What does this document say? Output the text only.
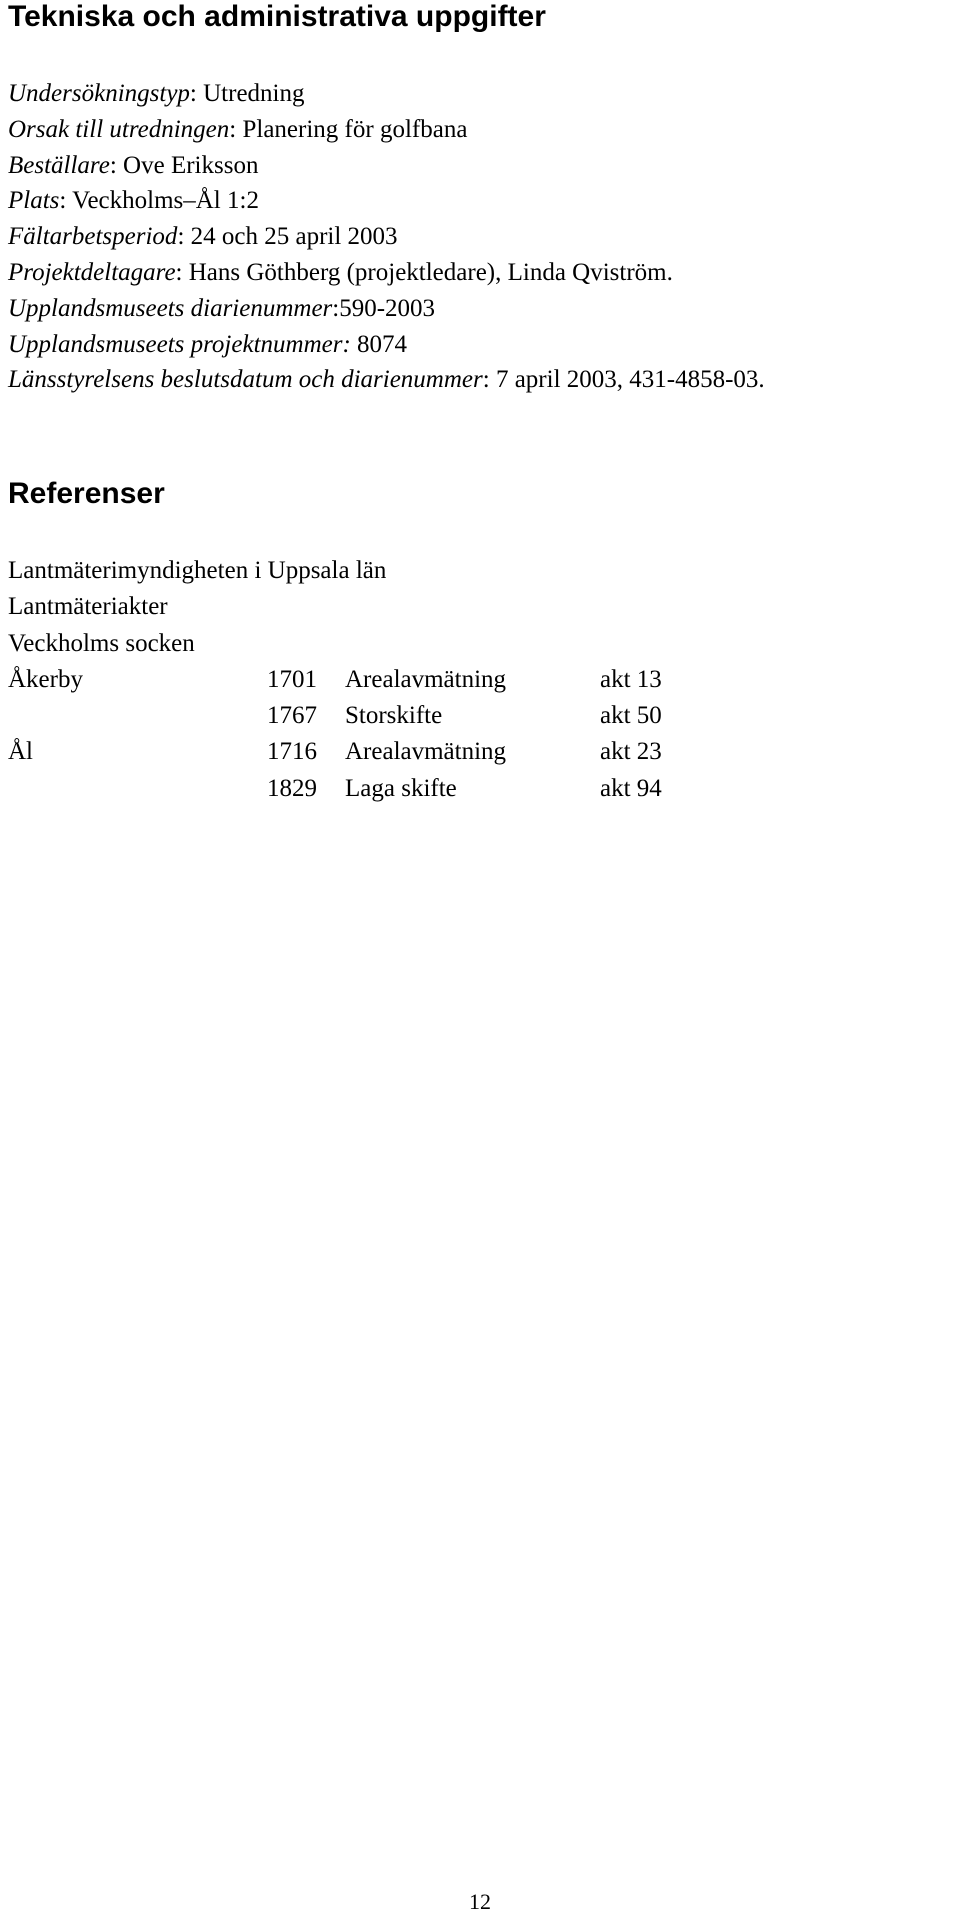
Tekniska och administrativa uppgifter
Undersökningstyp: Utredning
Orsak till utredningen: Planering för golfbana
Beställare: Ove Eriksson
Plats: Veckholms–Ål 1:2
Fältarbetsperiod: 24 och 25 april 2003
Projektdeltagare: Hans Göthberg (projektledare), Linda Qviström.
Upplandsmuseets diarienummer:590-2003
Upplandsmuseets projektnummer: 8074
Länsstyrelsens beslutsdatum och diarienummer: 7 april 2003, 431-4858-03.
Referenser
Lantmäterimyndigheten i Uppsala län
Lantmäteriakter
Veckholms socken
Åkerby	1701	Arealavmätning	akt 13
	1767	Storskifte	akt 50
Ål	1716	Arealavmätning	akt 23
	1829	Laga skifte	akt 94
12
